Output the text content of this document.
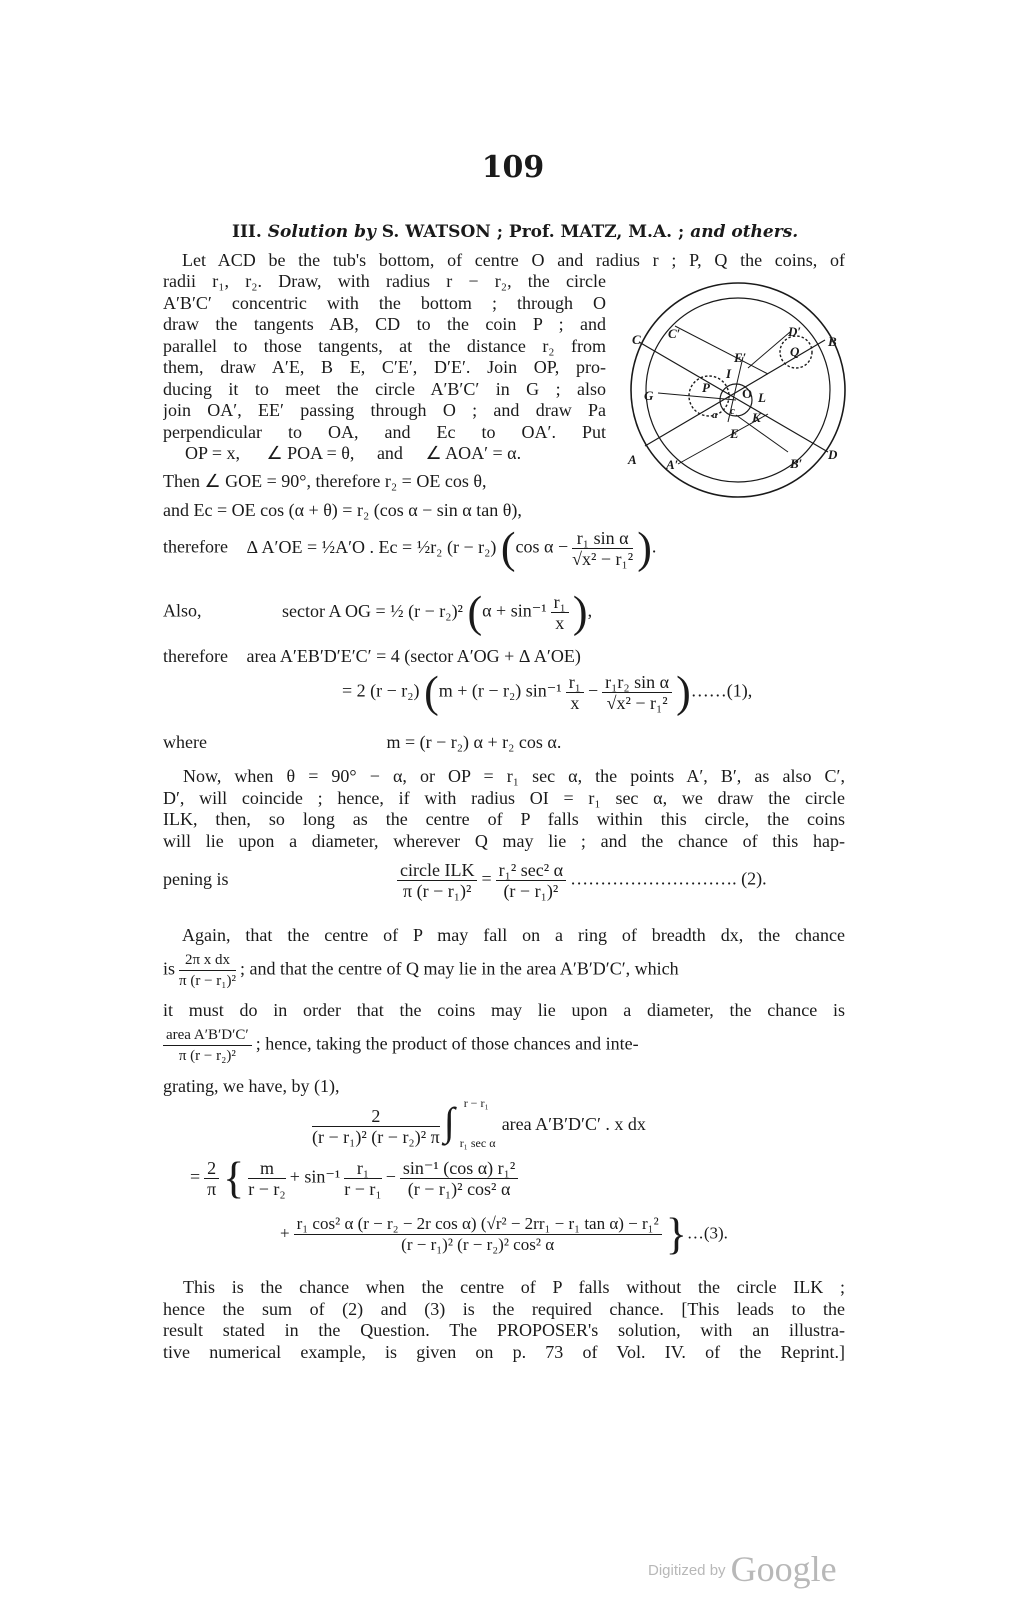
109
III. Solution by S. WATSON ; Prof. MATZ, M.A. ; and others.
Let ACD be the tub's bottom, of centre O and radius r ; P, Q the coins, of
radii r₁, r₂. Draw, with radius r − r₂, the circle
A′B′C′ concentric with the bottom ; through O
draw the tangents AB, CD to the coin P ; and
parallel to those tangents, at the distance r₂ from
them, draw A′E, B E, C′E′, D′E′. Join OP, pro-
ducing it to meet the circle A′B′C′ in G ; also
join OA′, EE′ passing through O ; and draw Pa
perpendicular to OA, and Ec to OA′. Put
OP = x, ∠ POA = θ, and ∠ AOA′ = α.
Then ∠ GOE = 90°, therefore r₂ = OE cos θ,
and Ec = OE cos (α + θ) = r₂ (cos α − sin α tan θ),
A A′
B
B′
C C′
D
D′
E
E′
G	O L
K
I
P
Q
a c
therefore Δ A′OE = ½A′O . Ec = ½r₂ (r − r₂) (cos $\alpha - \frac{\text{r₁ sin α}}{\text{√x² − r₁²}}$ ).
Also,	sector A OG = ½ (r − r₂)² ($\alpha + \sin^{-1} \frac{\text{r₁}}{x}$ ),
therefore area A′EB′D′E′C′ = 4 (sector A′OG + Δ A′OE)
= 2 (r − r₂) (m + (r − r₂) $\sin^{-1} \frac{\text{r₁}}{x} - \frac{\text{r₁r₂ sin α}}{\text{√x² − r₁²}}$ )……(1),
where	m = (r − r₂) α + r₂ cos α.
Now, when θ = 90° − α, or OP = r₁ sec α, the points A′, B′, as also C′,
D′, will coincide ; hence, if with radius OI = r₁ sec α, we draw the circle
ILK, then, so long as the centre of P falls within this circle, the coins
will lie upon a diameter, wherever Q may lie ; and the chance of this hap-
pening is	$\frac{\text{circle ILK}}{\text{π (r − r₁)²}} = \frac{\text{r₁² sec² α}}{\text{(r − r₁)²}}$ ………………………. (2).
Again, that the centre of P may fall on a ring of breadth dx, the chance
is $\frac{\text{2π x dx}}{\text{π (r − r₁)²}}$ ; and that the centre of Q may lie in the area A′B′D′C′, which
it must do in order that the coins may lie upon a diameter, the chance is
$\frac{\text{area A′B′D′C′}}{\text{π (r − r₂)²}}$ ; hence, taking the product of those chances and inte-
grating, we have, by (1),
$\frac{2}{\text{(r − r₁)² (r − r₂)² π}}$ ∫ r − r₁
r₁ sec α
area A′B′D′C′ . x dx
= $\frac{2}{\pi}$ { $\frac{m}{\text{r − r₂}} + \sin^{-1} \frac{\text{r₁}}{\text{r − r₁}} - \frac{\text{sin⁻¹ (cos α) r₁²}}{\text{(r − r₁)² cos² α}}$
+ $\frac{\text{r₁ cos² α (r − r₂ − 2r cos α) (√r² − 2rr₁ − r₁ tan α) − r₁²}}{\text{(r − r₁)² (r − r₂)² cos² α}}$ }…(3).
This is the chance when the centre of P falls without the circle ILK ;
hence the sum of (2) and (3) is the required chance. [This leads to the
result stated in the Question. The PROPOSER's solution, with an illustra-
tive numerical example, is given on p. 73 of Vol. IV. of the Reprint.]
Digitized by Google
